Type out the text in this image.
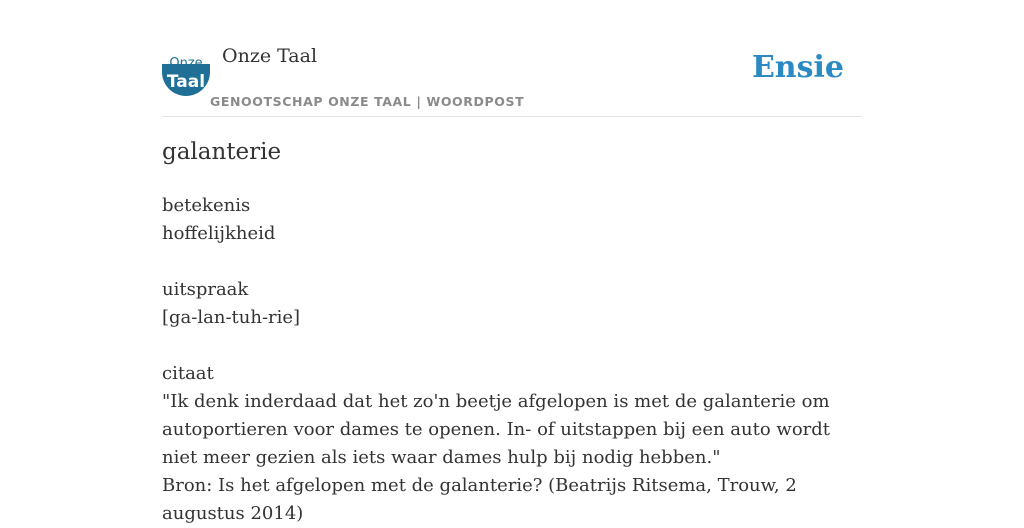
Onze
Taal
Onze Taal
GENOOTSCHAP ONZE TAAL | WOORDPOST
Ensie
galanterie
betekenis
hoffelijkheid
uitspraak
[ga-lan-tuh-rie]
citaat
"Ik denk inderdaad dat het zo'n beetje afgelopen is met de galanterie om autoportieren voor dames te openen. In- of uitstappen bij een auto wordt niet meer gezien als iets waar dames hulp bij nodig hebben."
Bron: Is het afgelopen met de galanterie? (Beatrijs Ritsema, Trouw, 2 augustus 2014)
